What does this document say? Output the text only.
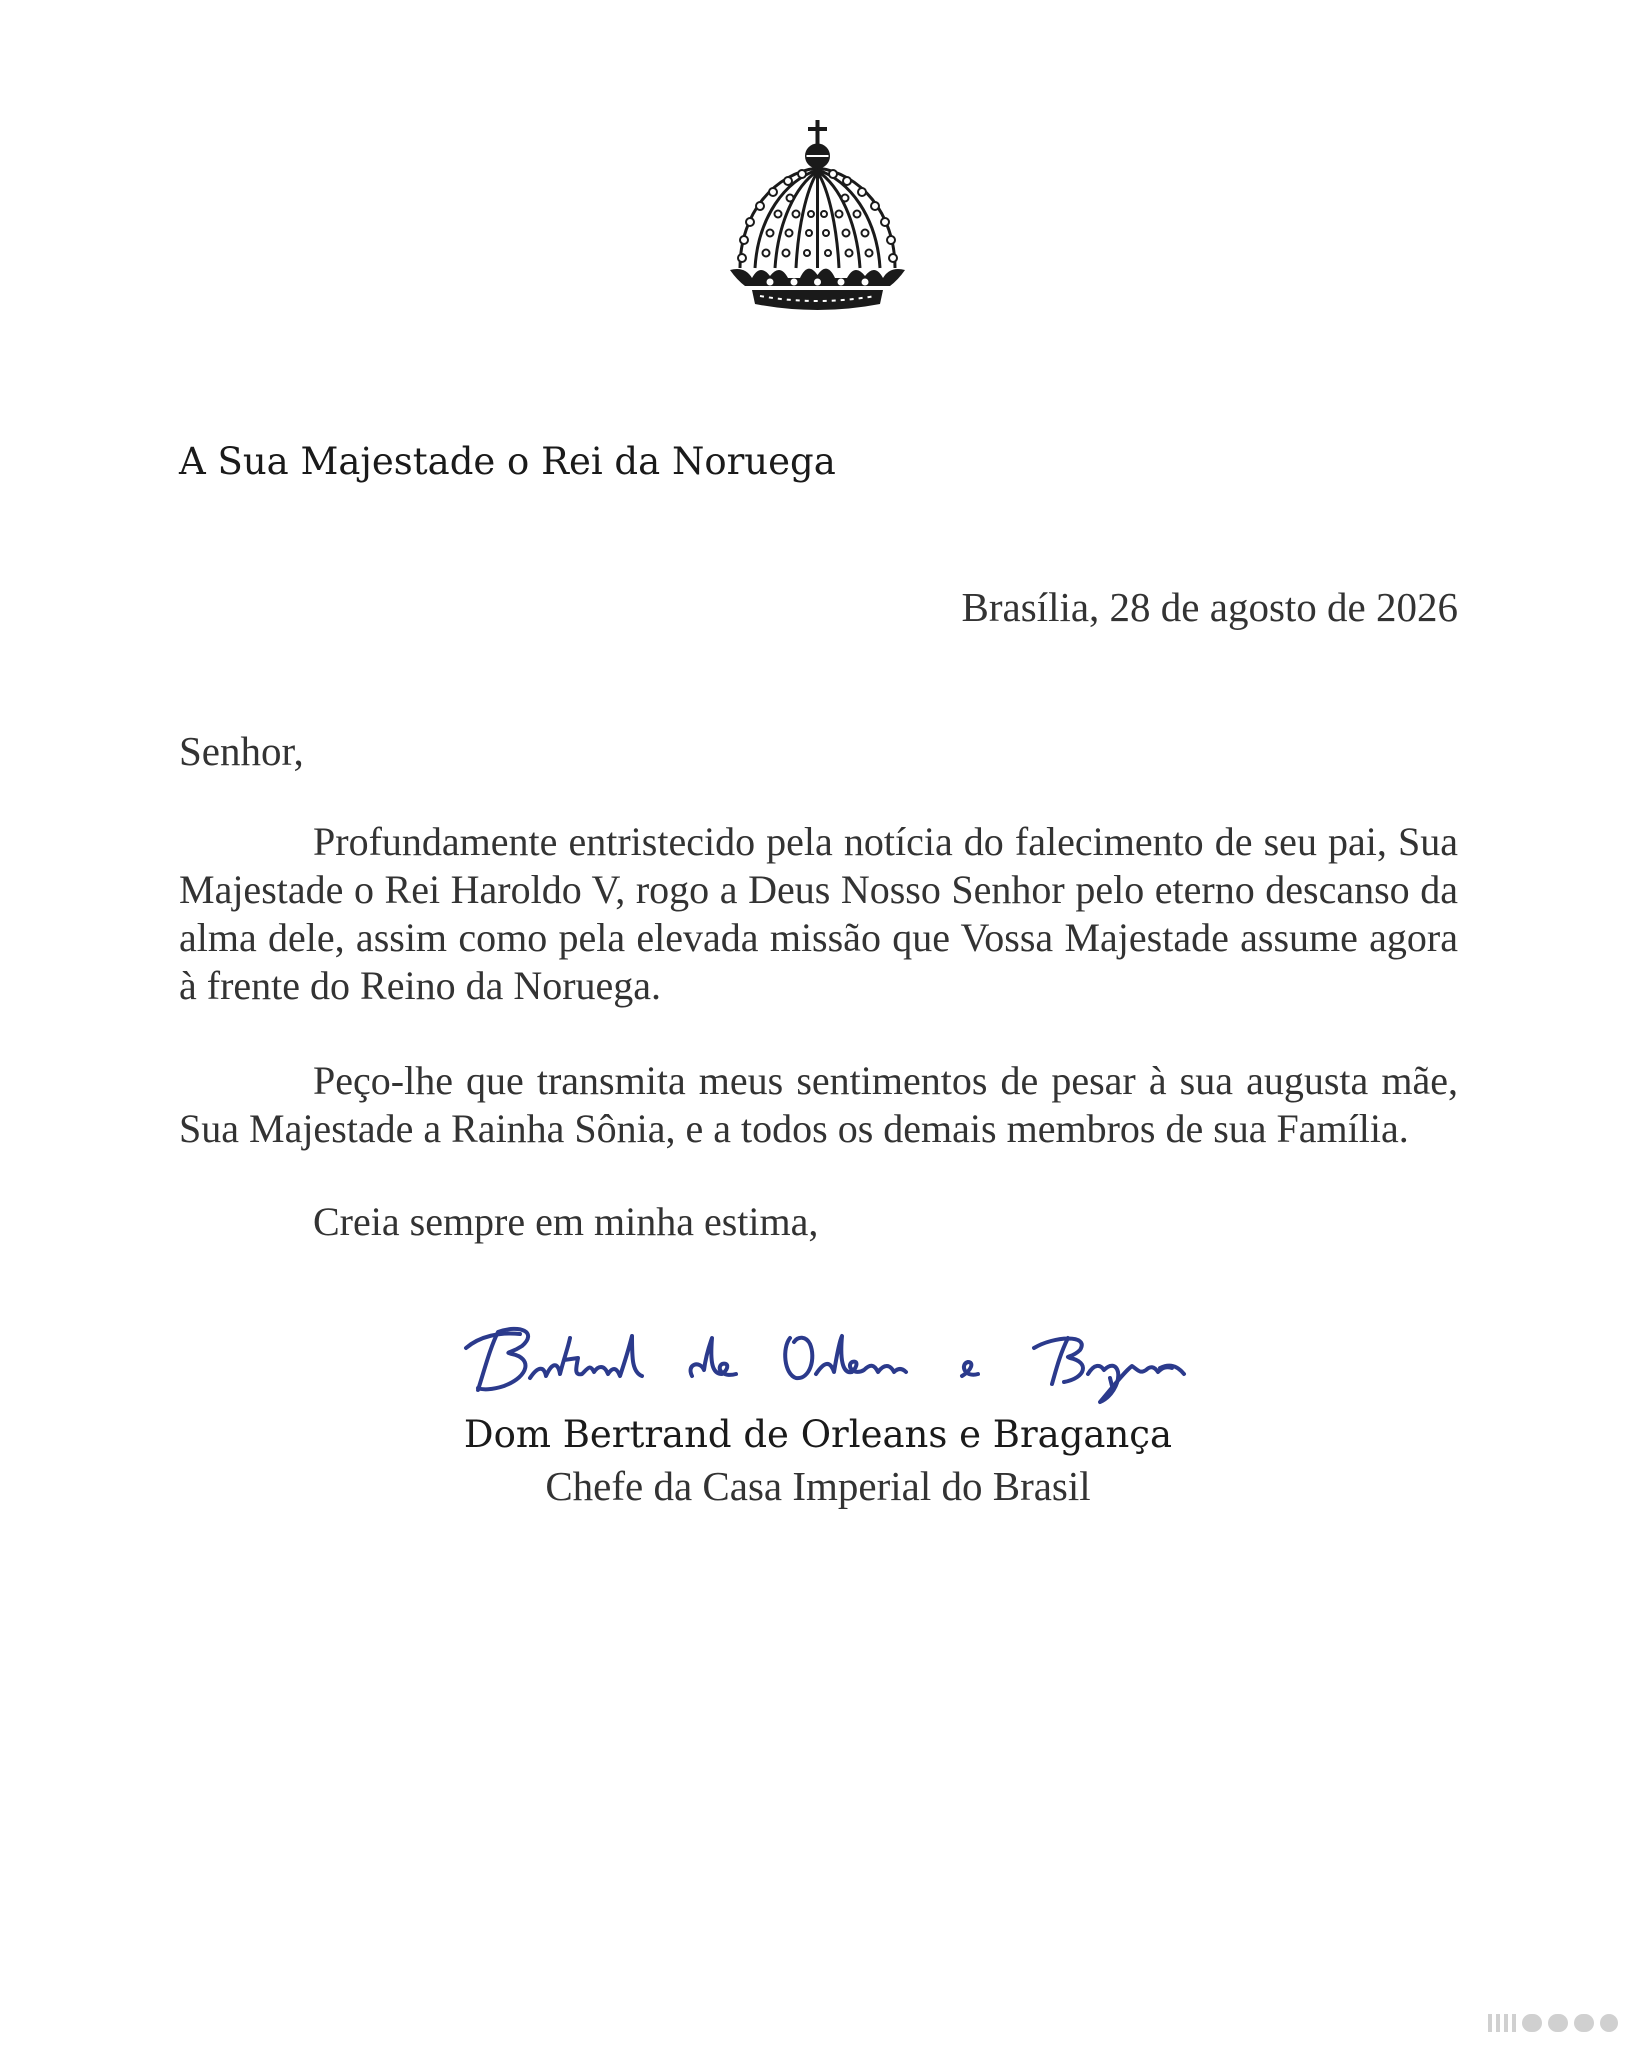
A Sua Majestade o Rei da Noruega
Brasília, 28 de agosto de 2026
Senhor,

Profundamente entristecido pela notícia do falecimento de seu pai, Sua Majestade o Rei Haroldo V, rogo a Deus Nosso Senhor pelo eterno descanso da alma dele, assim como pela elevada missão que Vossa Majestade assume agora à frente do Reino da Noruega.

Peço-lhe que transmita meus sentimentos de pesar à sua augusta mãe, Sua Majestade a Rainha Sônia, e a todos os demais membros de sua Família.

Creia sempre em minha estima,
Dom Bertrand de Orleans e Bragança
Chefe da Casa Imperial do Brasil
